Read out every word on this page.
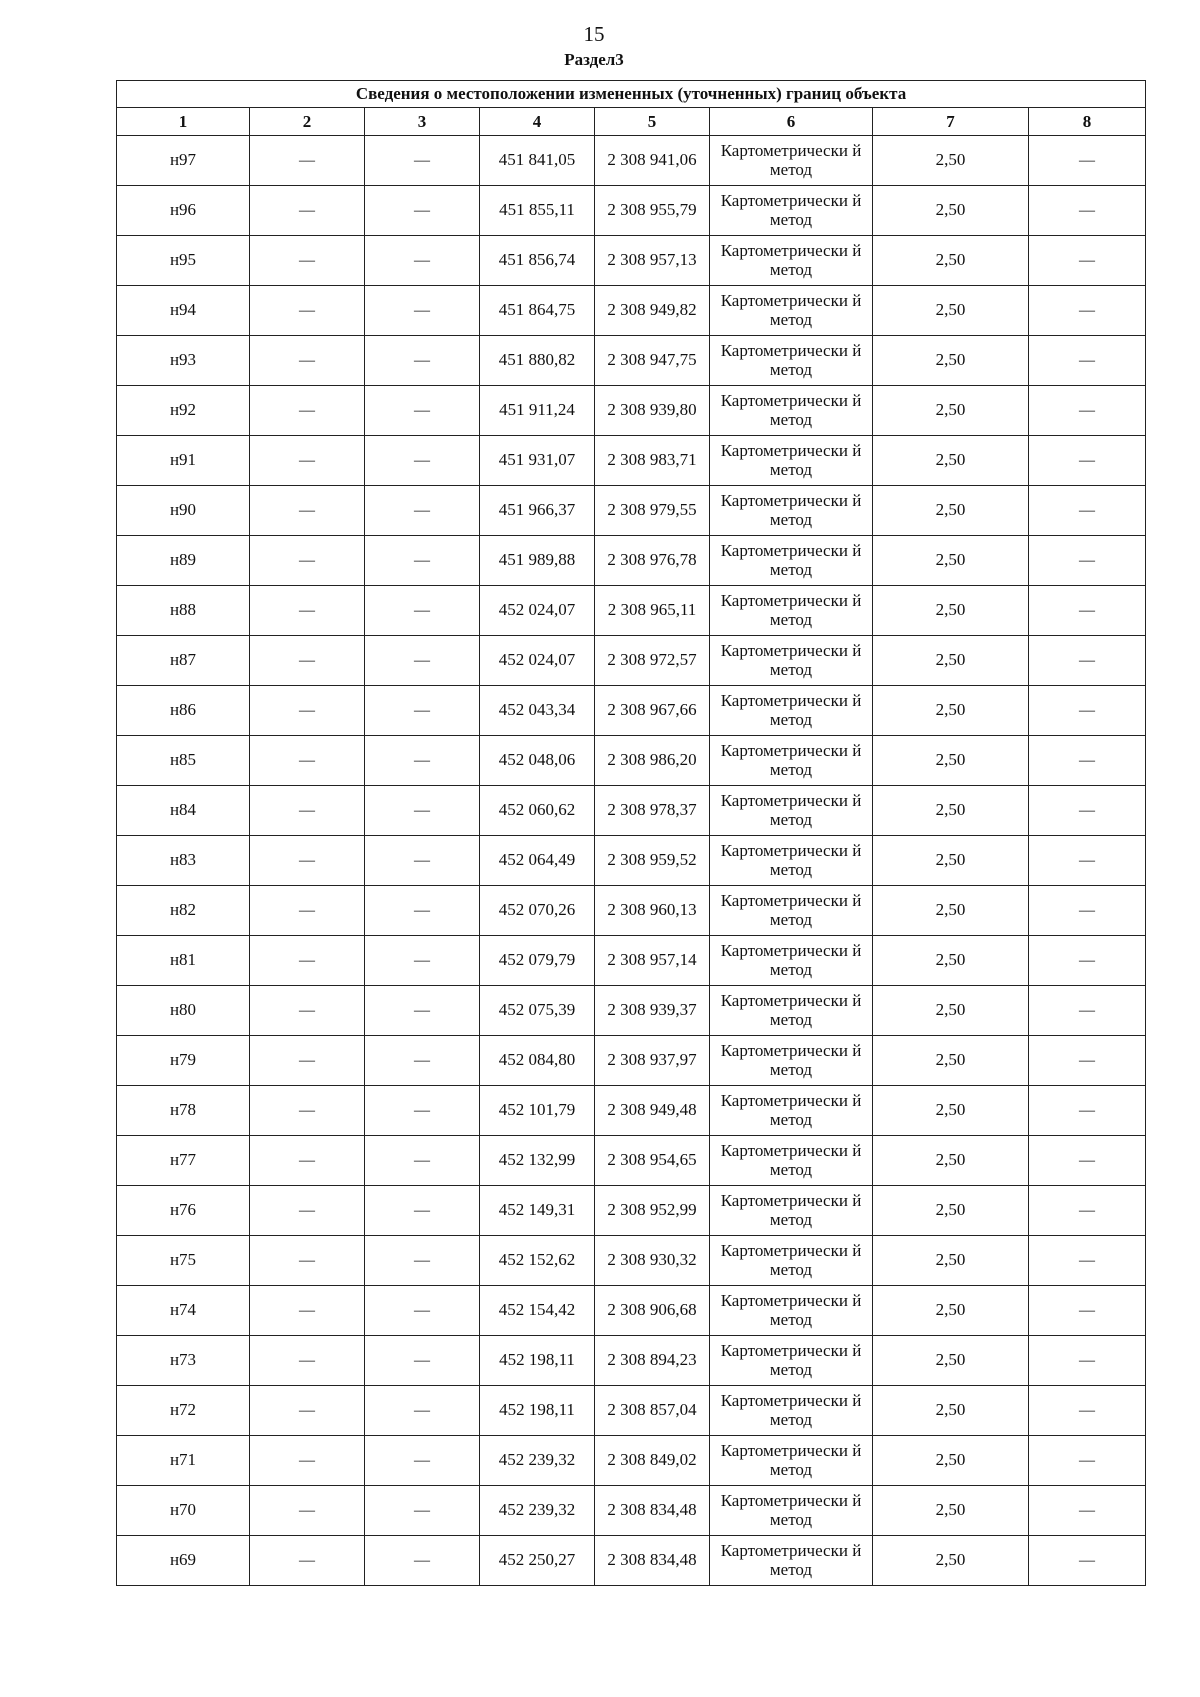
15
Раздел3
Сведения о местоположении измененных (уточненных) границ объекта							
1	2	3	4	5	6	7	8
н97	—	—	451 841,05	2 308 941,06	Картометрически й метод	2,50	—
н96	—	—	451 855,11	2 308 955,79	Картометрически й метод	2,50	—
н95	—	—	451 856,74	2 308 957,13	Картометрически й метод	2,50	—
н94	—	—	451 864,75	2 308 949,82	Картометрически й метод	2,50	—
н93	—	—	451 880,82	2 308 947,75	Картометрически й метод	2,50	—
н92	—	—	451 911,24	2 308 939,80	Картометрически й метод	2,50	—
н91	—	—	451 931,07	2 308 983,71	Картометрически й метод	2,50	—
н90	—	—	451 966,37	2 308 979,55	Картометрически й метод	2,50	—
н89	—	—	451 989,88	2 308 976,78	Картометрически й метод	2,50	—
н88	—	—	452 024,07	2 308 965,11	Картометрически й метод	2,50	—
н87	—	—	452 024,07	2 308 972,57	Картометрически й метод	2,50	—
н86	—	—	452 043,34	2 308 967,66	Картометрически й метод	2,50	—
н85	—	—	452 048,06	2 308 986,20	Картометрически й метод	2,50	—
н84	—	—	452 060,62	2 308 978,37	Картометрически й метод	2,50	—
н83	—	—	452 064,49	2 308 959,52	Картометрически й метод	2,50	—
н82	—	—	452 070,26	2 308 960,13	Картометрически й метод	2,50	—
н81	—	—	452 079,79	2 308 957,14	Картометрически й метод	2,50	—
н80	—	—	452 075,39	2 308 939,37	Картометрически й метод	2,50	—
н79	—	—	452 084,80	2 308 937,97	Картометрически й метод	2,50	—
н78	—	—	452 101,79	2 308 949,48	Картометрически й метод	2,50	—
н77	—	—	452 132,99	2 308 954,65	Картометрически й метод	2,50	—
н76	—	—	452 149,31	2 308 952,99	Картометрически й метод	2,50	—
н75	—	—	452 152,62	2 308 930,32	Картометрически й метод	2,50	—
н74	—	—	452 154,42	2 308 906,68	Картометрически й метод	2,50	—
н73	—	—	452 198,11	2 308 894,23	Картометрически й метод	2,50	—
н72	—	—	452 198,11	2 308 857,04	Картометрически й метод	2,50	—
н71	—	—	452 239,32	2 308 849,02	Картометрически й метод	2,50	—
н70	—	—	452 239,32	2 308 834,48	Картометрически й метод	2,50	—
н69	—	—	452 250,27	2 308 834,48	Картометрически й метод	2,50	—
